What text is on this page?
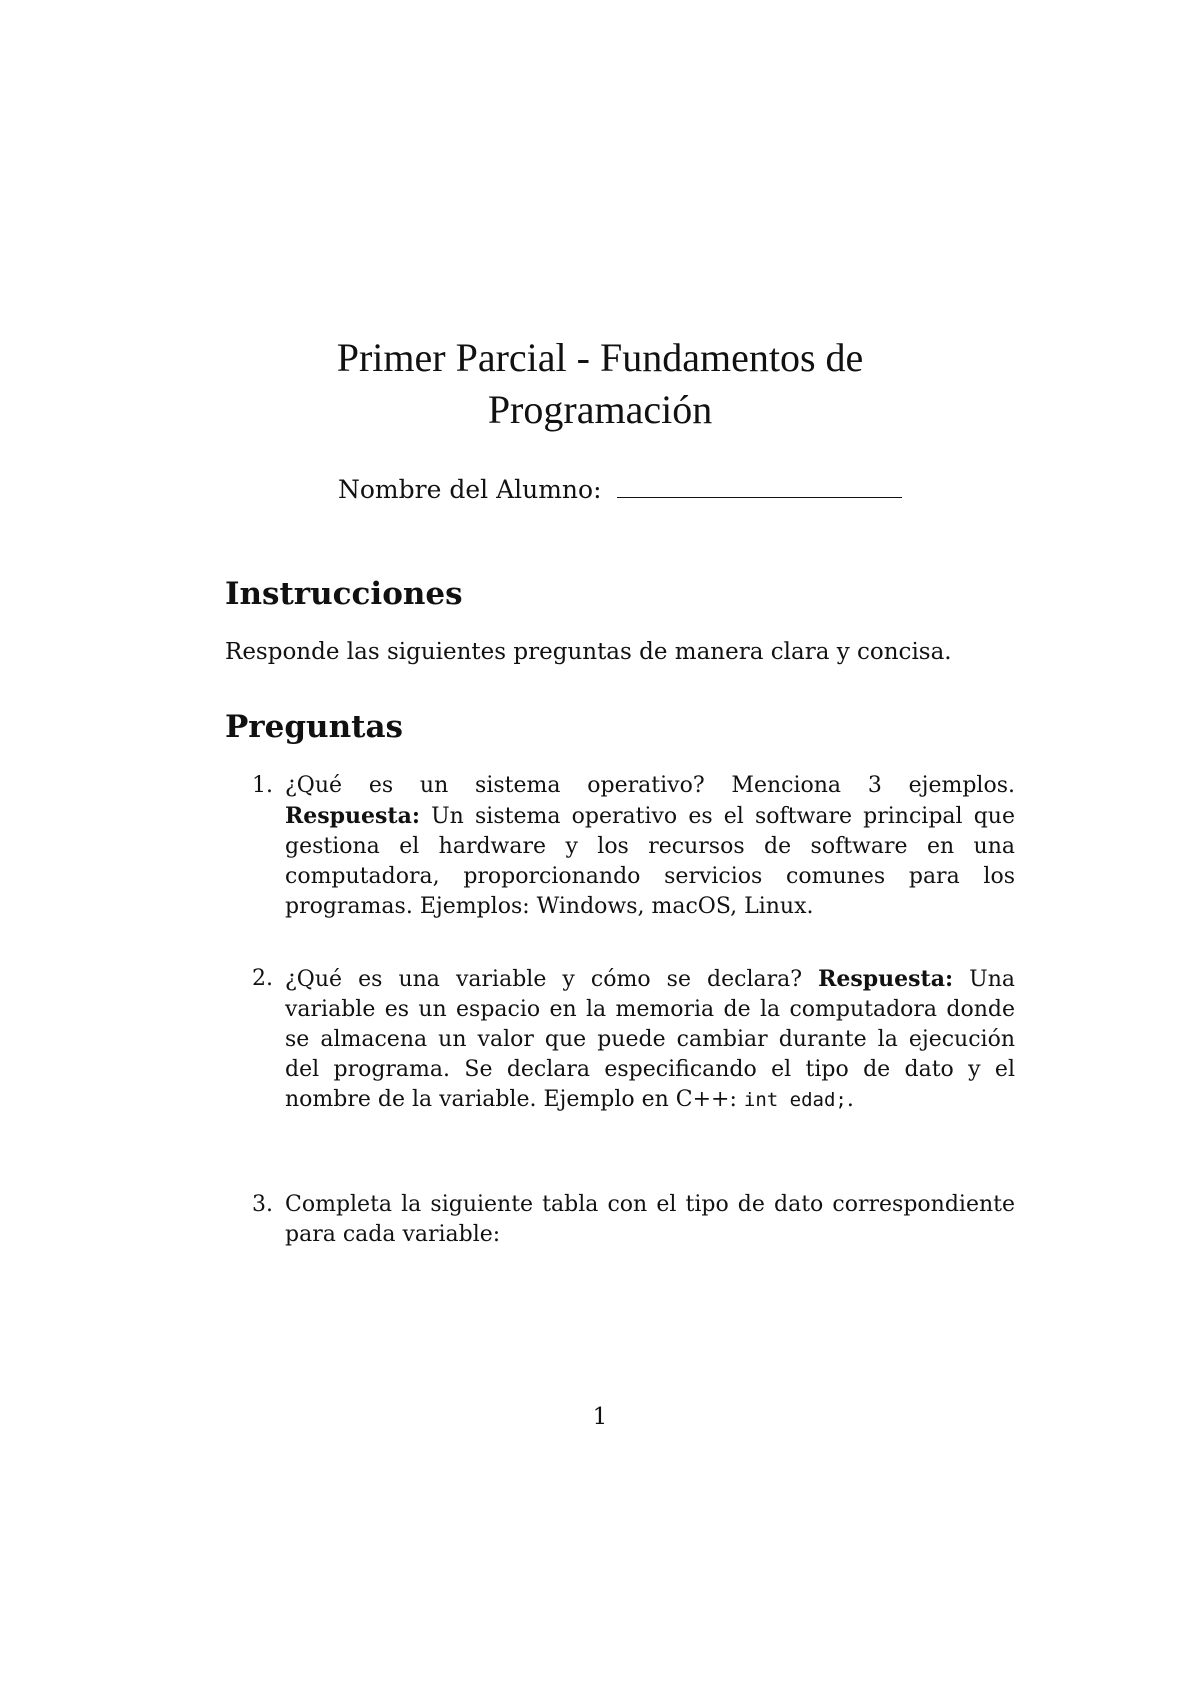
Primer Parcial - Fundamentos de Programación
Nombre del Alumno:
Instrucciones

Responde las siguientes preguntas de manera clara y concisa.

Preguntas
1. ¿Qué es un sistema operativo? Menciona 3 ejemplos. Respuesta: Un sistema operativo es el software principal que gestiona el hardware y los recursos de software en una computadora, proporcionando servicios comunes para los programas. Ejemplos: Windows, macOS, Linux.
2. ¿Qué es una variable y cómo se declara? Respuesta: Una variable es un espacio en la memoria de la computadora donde se almacena un valor que puede cambiar durante la ejecución del programa. Se declara especificando el tipo de dato y el nombre de la variable. Ejemplo en C++: int edad;.
3. Completa la siguiente tabla con el tipo de dato correspondiente para cada variable:
1
